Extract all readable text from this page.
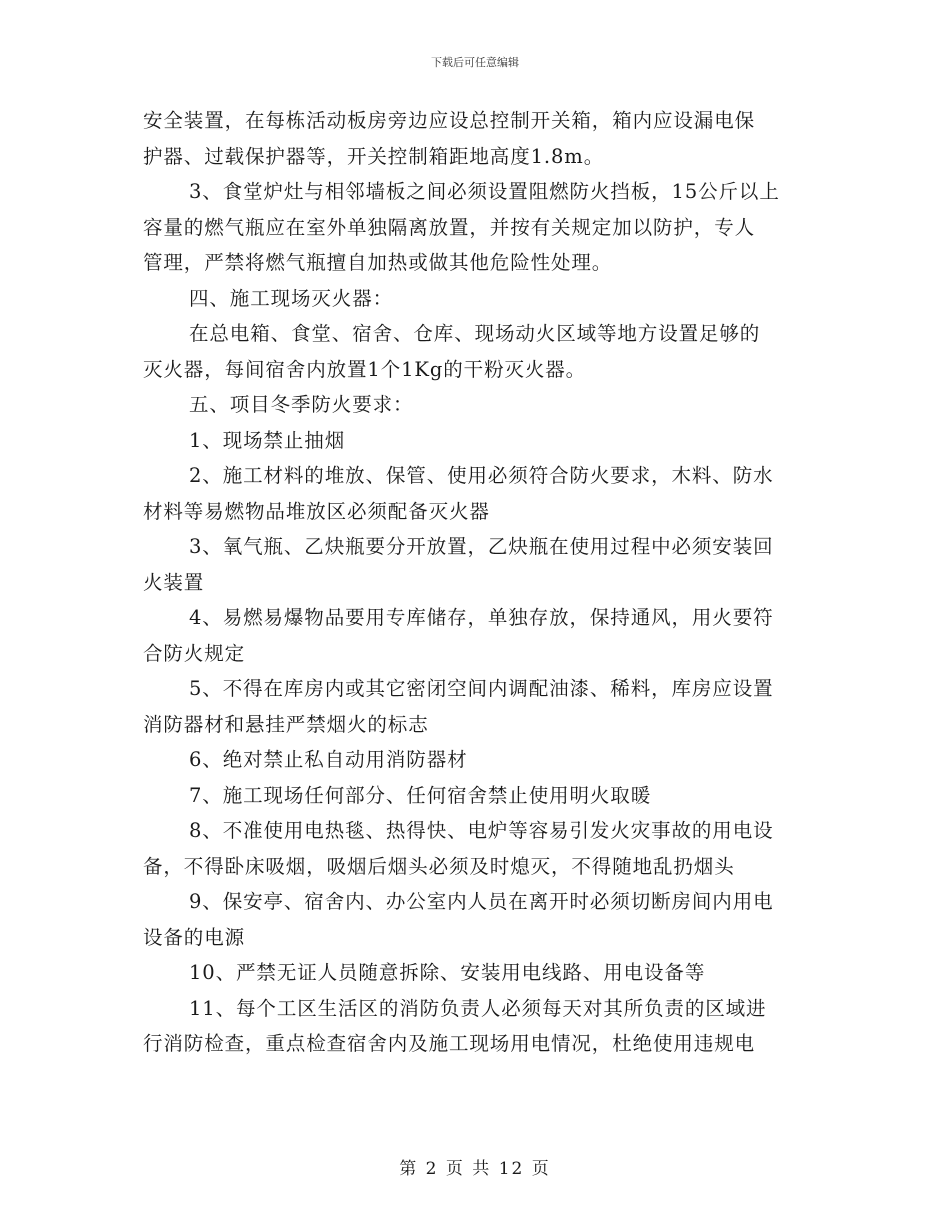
下载后可任意编辑
安全装置，在每栋活动板房旁边应设总控制开关箱，箱内应设漏电保
护器、过载保护器等，开关控制箱距地高度1.8m。
3、食堂炉灶与相邻墙板之间必须设置阻燃防火挡板，15公斤以上
容量的燃气瓶应在室外单独隔离放置，并按有关规定加以防护，专人
管理，严禁将燃气瓶擅自加热或做其他危险性处理。
四、施工现场灭火器：
在总电箱、食堂、宿舍、仓库、现场动火区域等地方设置足够的
灭火器，每间宿舍内放置1个1Kg的干粉灭火器。
五、项目冬季防火要求：
1、现场禁止抽烟
2、施工材料的堆放、保管、使用必须符合防火要求，木料、防水
材料等易燃物品堆放区必须配备灭火器
3、氧气瓶、乙炔瓶要分开放置，乙炔瓶在使用过程中必须安装回
火装置
4、易燃易爆物品要用专库储存，单独存放，保持通风，用火要符
合防火规定
5、不得在库房内或其它密闭空间内调配油漆、稀料，库房应设置
消防器材和悬挂严禁烟火的标志
6、绝对禁止私自动用消防器材
7、施工现场任何部分、任何宿舍禁止使用明火取暖
8、不准使用电热毯、热得快、电炉等容易引发火灾事故的用电设
备，不得卧床吸烟，吸烟后烟头必须及时熄灭，不得随地乱扔烟头
9、保安亭、宿舍内、办公室内人员在离开时必须切断房间内用电
设备的电源
10、严禁无证人员随意拆除、安装用电线路、用电设备等
11、每个工区生活区的消防负责人必须每天对其所负责的区域进
行消防检查，重点检查宿舍内及施工现场用电情况，杜绝使用违规电
第 2 页 共 12 页
